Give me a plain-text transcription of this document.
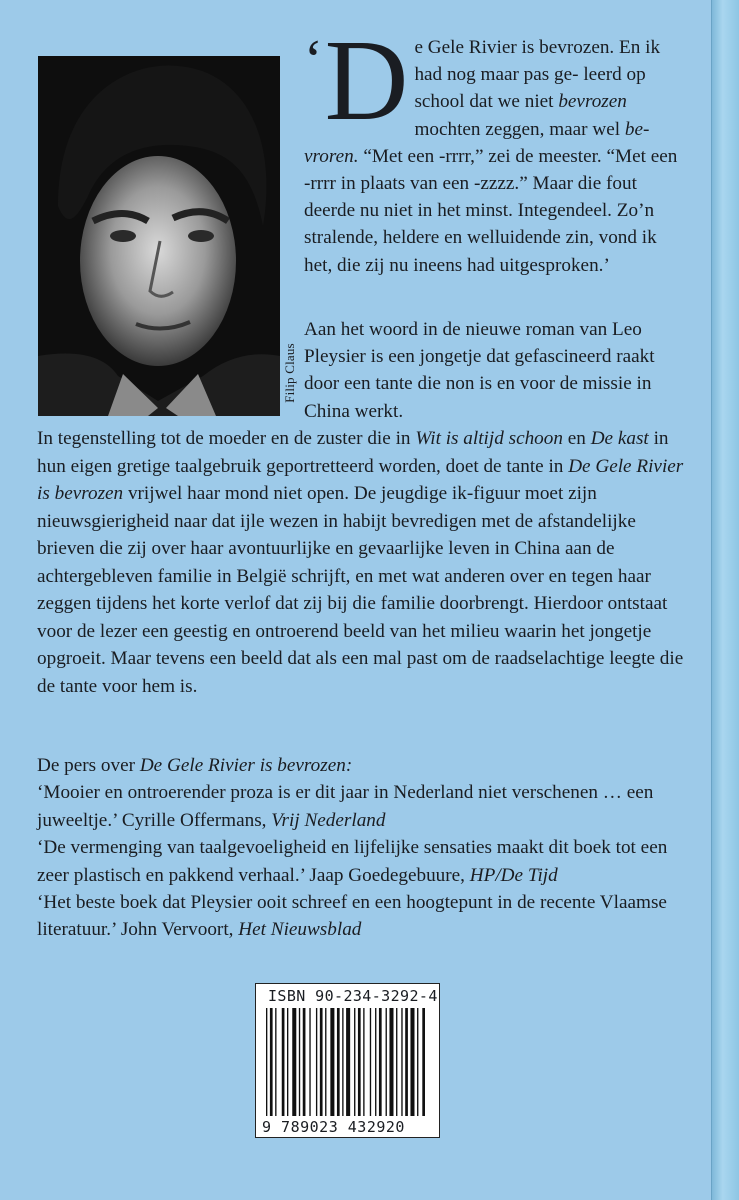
Filip Claus

‘ D e Gele Rivier is bevrozen. En ik had nog maar pas ge- leerd op school dat we niet bevrozen mochten zeggen, maar wel be-vroren. “Met een -rrrr,” zei de meester. “Met een -rrrr in plaats van een -zzzz.” Maar die fout deerde nu niet in het minst. Integendeel. Zo’n stralende, heldere en welluidende zin, vond ik het, die zij nu ineens had uitgesproken.’

Aan het woord in de nieuwe roman van Leo Pleysier is een jongetje dat gefascineerd raakt door een tante die non is en voor de missie in China werkt.

In tegenstelling tot de moeder en de zuster die in Wit is altijd schoon en De kast in hun eigen gretige taalgebruik geportretteerd worden, doet de tante in De Gele Rivier is bevrozen vrijwel haar mond niet open. De jeugdige ik-figuur moet zijn nieuwsgierigheid naar dat ijle wezen in habijt bevredigen met de afstandelijke brieven die zij over haar avontuurlijke en gevaarlijke leven in China aan de achtergebleven familie in België schrijft, en met wat anderen over en tegen haar zeggen tijdens het korte verlof dat zij bij die familie doorbrengt. Hierdoor ontstaat voor de lezer een geestig en ontroerend beeld van het milieu waarin het jongetje opgroeit. Maar tevens een beeld dat als een mal past om de raadselachtige leegte die de tante voor hem is.

De pers over De Gele Rivier is bevrozen:

‘Mooier en ontroerender proza is er dit jaar in Nederland niet verschenen … een juweeltje.’ Cyrille Offermans, Vrij Nederland

‘De vermenging van taalgevoeligheid en lijfelijke sensaties maakt dit boek tot een zeer plastisch en pakkend verhaal.’ Jaap Goedegebuure, HP/De Tijd

‘Het beste boek dat Pleysier ooit schreef en een hoogtepunt in de recente Vlaamse literatuur.’ John Vervoort, Het Nieuwsblad

ISBN 90-234-3292-4
9 789023 432920
